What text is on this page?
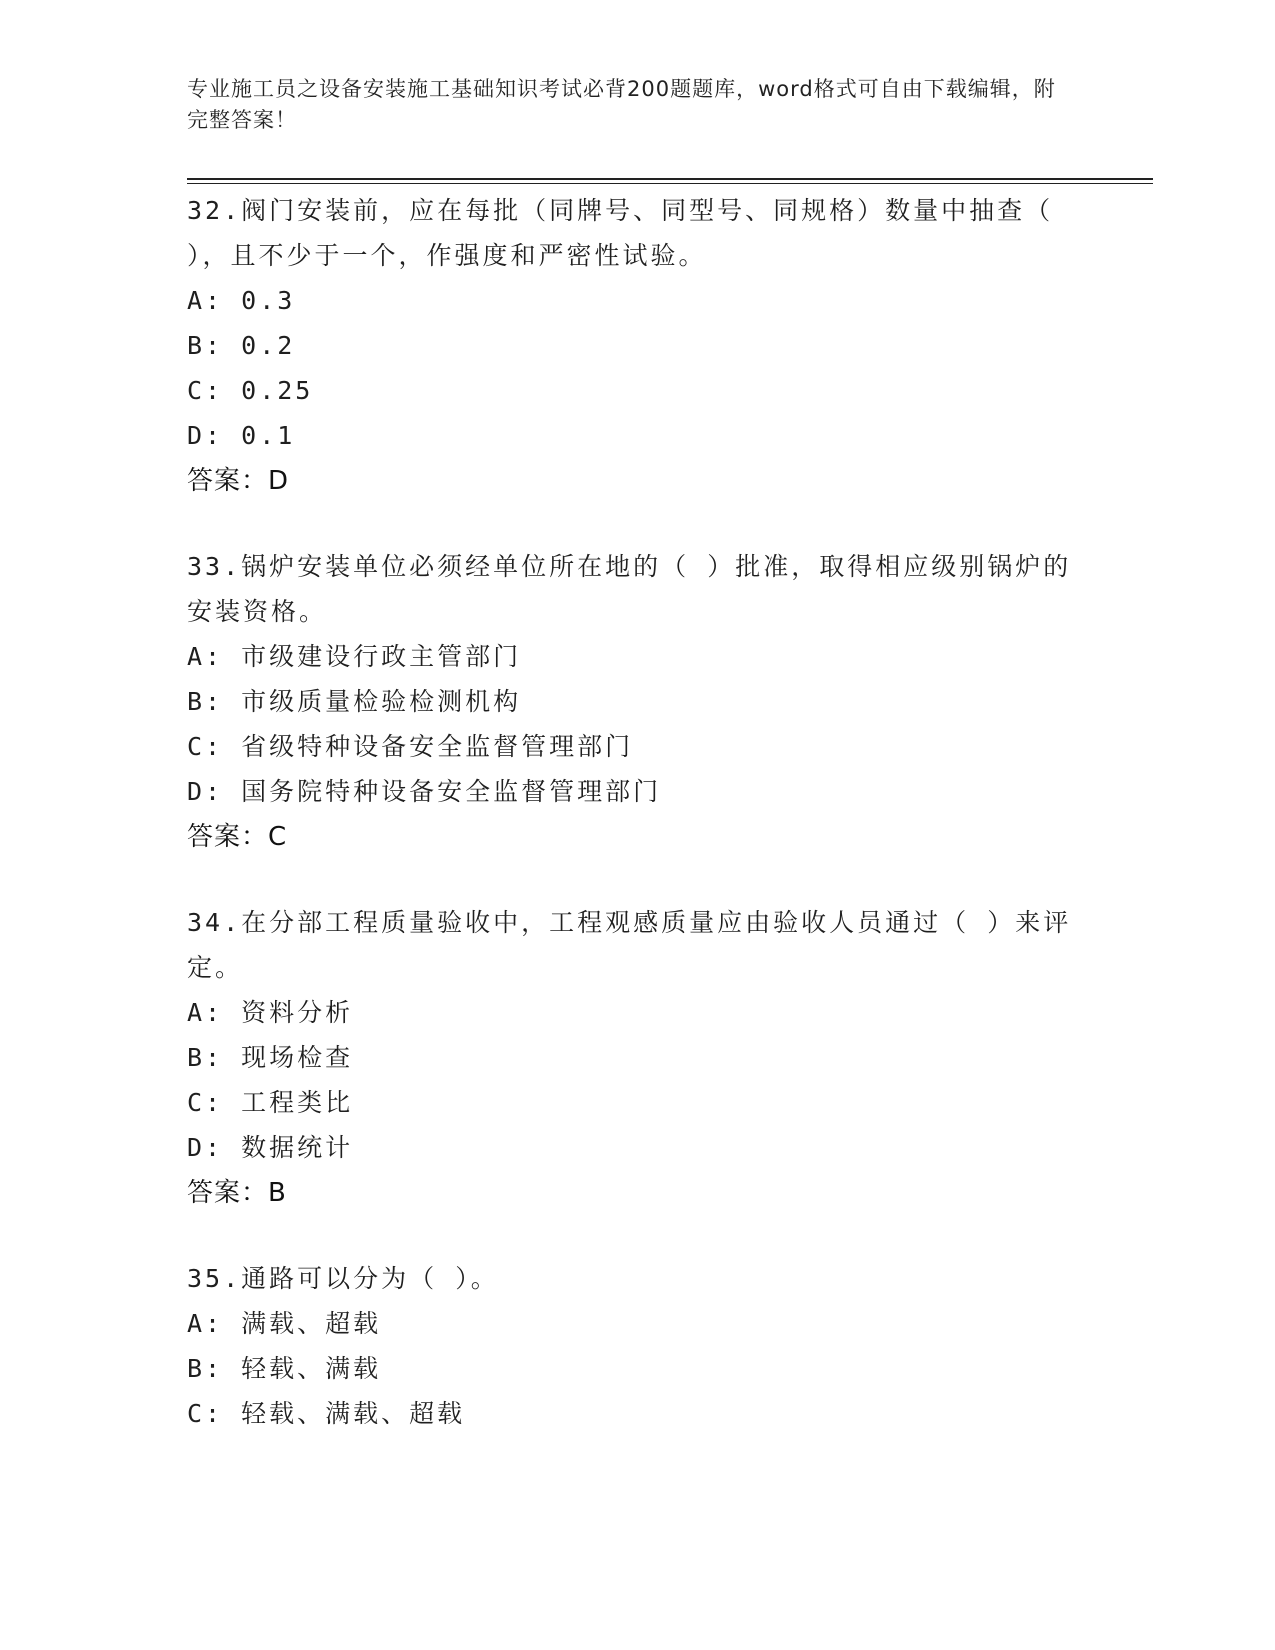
专业施工员之设备安装施工基础知识考试必背200题题库，word格式可自由下载编辑，附完整答案！
32.阀门安装前，应在每批（同牌号、同型号、同规格）数量中抽查（ ），且不少于一个，作强度和严密性试验。
A: 0.3
B: 0.2
C: 0.25
D: 0.1
答案：D
33.锅炉安装单位必须经单位所在地的（ ）批准，取得相应级别锅炉的安装资格。
A: 市级建设行政主管部门
B: 市级质量检验检测机构
C: 省级特种设备安全监督管理部门
D: 国务院特种设备安全监督管理部门
答案：C
34.在分部工程质量验收中，工程观感质量应由验收人员通过（ ）来评定。
A: 资料分析
B: 现场检查
C: 工程类比
D: 数据统计
答案：B
35.通路可以分为（ ）。
A: 满载、超载
B: 轻载、满载
C: 轻载、满载、超载
